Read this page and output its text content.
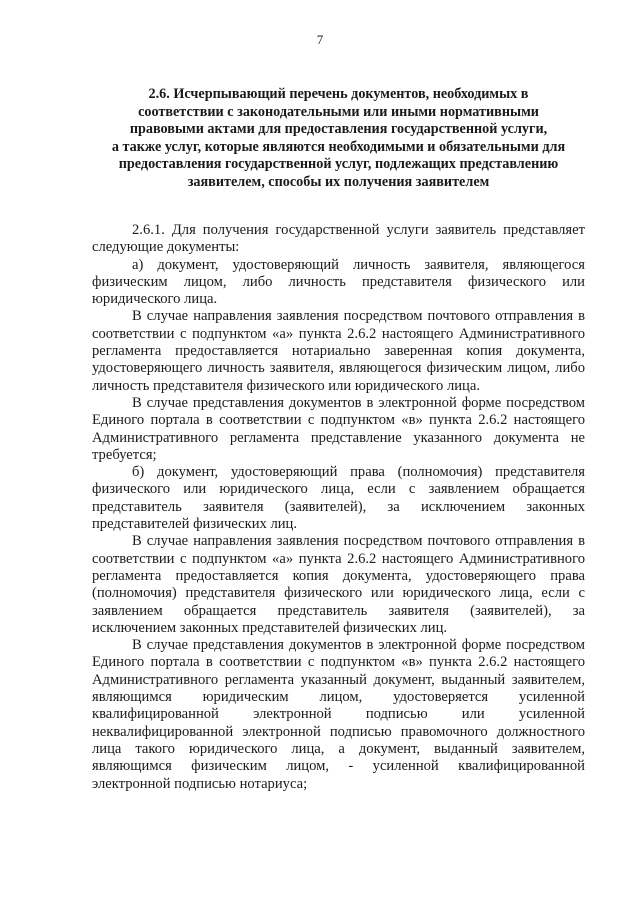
7
2.6. Исчерпывающий перечень документов, необходимых в
соответствии с законодательными или иными нормативными
правовыми актами для предоставления государственной услуги,
а также услуг, которые являются необходимыми и обязательными для
предоставления государственной услуг, подлежащих представлению
заявителем, способы их получения заявителем

2.6.1. Для получения государственной услуги заявитель представляет следующие документы:

а) документ, удостоверяющий личность заявителя, являющегося физическим лицом, либо личность представителя физического или юридического лица.

В случае направления заявления посредством почтового отправления в соответствии с подпунктом «а» пункта 2.6.2 настоящего Административного регламента предоставляется нотариально заверенная копия документа, удостоверяющего личность заявителя, являющегося физическим лицом, либо личность представителя физического или юридического лица.

В случае представления документов в электронной форме посредством Единого портала в соответствии с подпунктом «в» пункта 2.6.2 настоящего Административного регламента представление указанного документа не требуется;

б) документ, удостоверяющий права (полномочия) представителя физического или юридического лица, если с заявлением обращается представитель заявителя (заявителей), за исключением законных представителей физических лиц.

В случае направления заявления посредством почтового отправления в соответствии с подпунктом «а» пункта 2.6.2 настоящего Административного регламента предоставляется копия документа, удостоверяющего права (полномочия) представителя физического или юридического лица, если с заявлением обращается представитель заявителя (заявителей), за исключением законных представителей физических лиц.

В случае представления документов в электронной форме посредством Единого портала в соответствии с подпунктом «в» пункта 2.6.2 настоящего Административного регламента указанный документ, выданный заявителем, являющимся юридическим лицом, удостоверяется усиленной квалифицированной электронной подписью или усиленной неквалифицированной электронной подписью правомочного должностного лица такого юридического лица, а документ, выданный заявителем, являющимся физическим лицом, - усиленной квалифицированной электронной подписью нотариуса;
